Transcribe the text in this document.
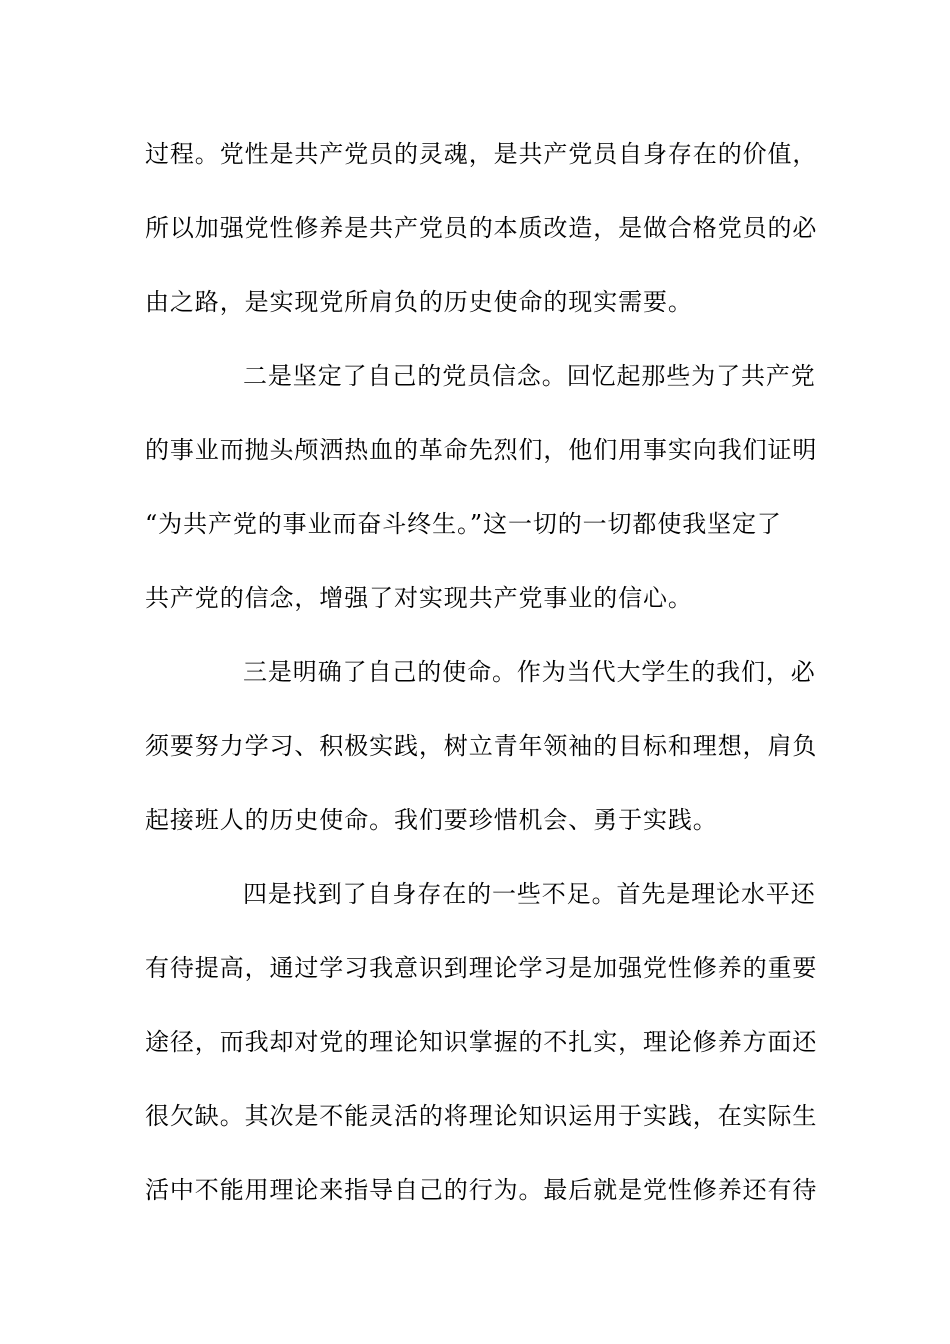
过程。党性是共产党员的灵魂，是共产党员自身存在的价值，
所以加强党性修养是共产党员的本质改造，是做合格党员的必
由之路，是实现党所肩负的历史使命的现实需要。
二是坚定了自己的党员信念。回忆起那些为了共产党
的事业而抛头颅洒热血的革命先烈们，他们用事实向我们证明
“为共产党的事业而奋斗终生。”这一切的一切都使我坚定了
共产党的信念，增强了对实现共产党事业的信心。
三是明确了自己的使命。作为当代大学生的我们，必
须要努力学习、积极实践，树立青年领袖的目标和理想，肩负
起接班人的历史使命。我们要珍惜机会、勇于实践。
四是找到了自身存在的一些不足。首先是理论水平还
有待提高，通过学习我意识到理论学习是加强党性修养的重要
途径，而我却对党的理论知识掌握的不扎实，理论修养方面还
很欠缺。其次是不能灵活的将理论知识运用于实践，在实际生
活中不能用理论来指导自己的行为。最后就是党性修养还有待
